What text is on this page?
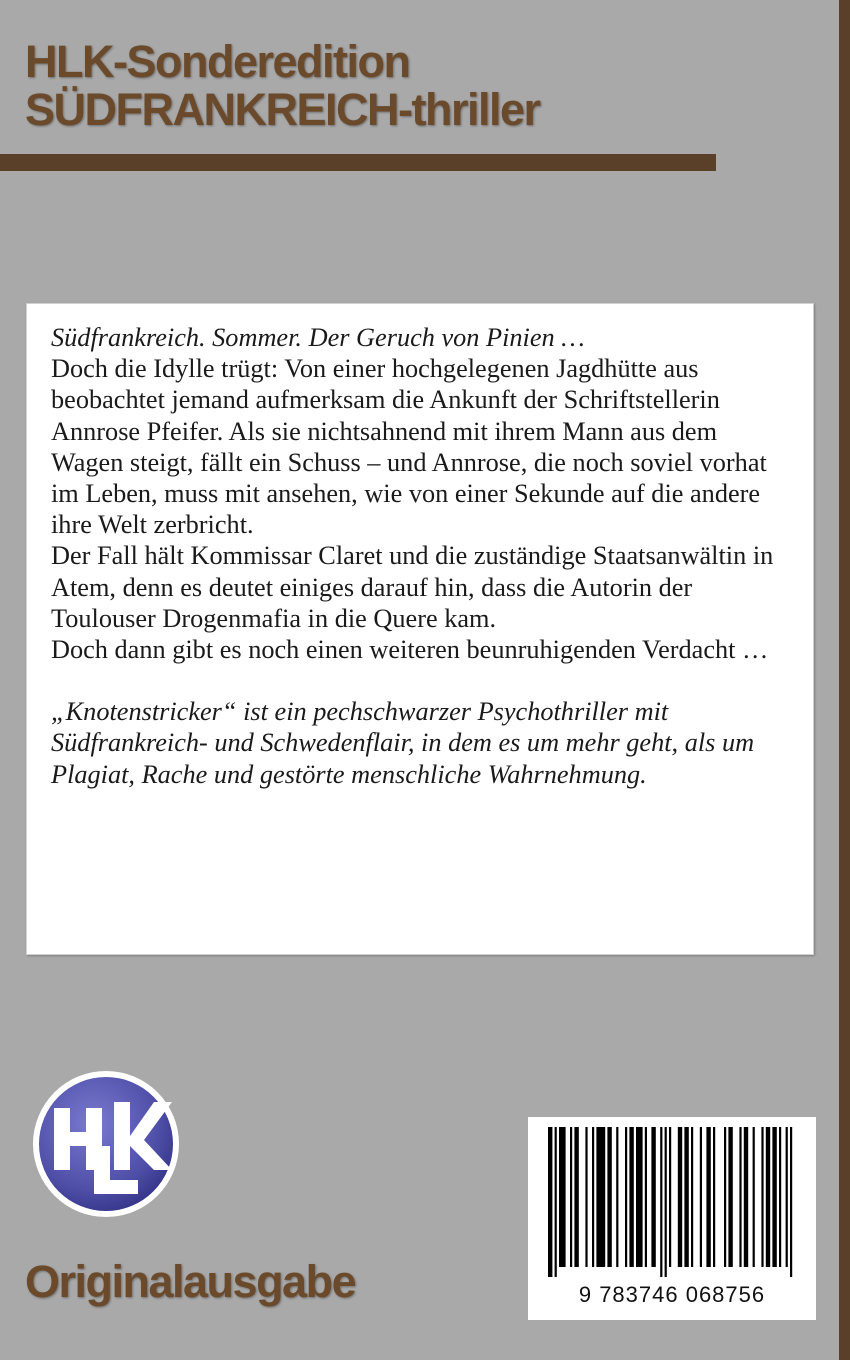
HLK-Sonderedition
SÜDFRANKREICH-thriller

Südfrankreich. Sommer. Der Geruch von Pinien …

Doch die Idylle trügt: Von einer hochgelegenen Jagdhütte aus beobachtet jemand aufmerksam die Ankunft der Schriftstellerin Annrose Pfeifer. Als sie nichtsahnend mit ihrem Mann aus dem Wagen steigt, fällt ein Schuss – und Annrose, die noch soviel vorhat im Leben, muss mit ansehen, wie von einer Sekunde auf die andere ihre Welt zerbricht.

Der Fall hält Kommissar Claret und die zuständige Staatsanwältin in Atem, denn es deutet einiges darauf hin, dass die Autorin der Toulouser Drogenmafia in die Quere kam.

Doch dann gibt es noch einen weiteren beunruhigenden Verdacht …

„Knotenstricker“ ist ein pechschwarzer Psychothriller mit Südfrankreich- und Schwedenflair, in dem es um mehr geht, als um Plagiat, Rache und gestörte menschliche Wahrnehmung.

Originalausgabe	9 783746 068756
